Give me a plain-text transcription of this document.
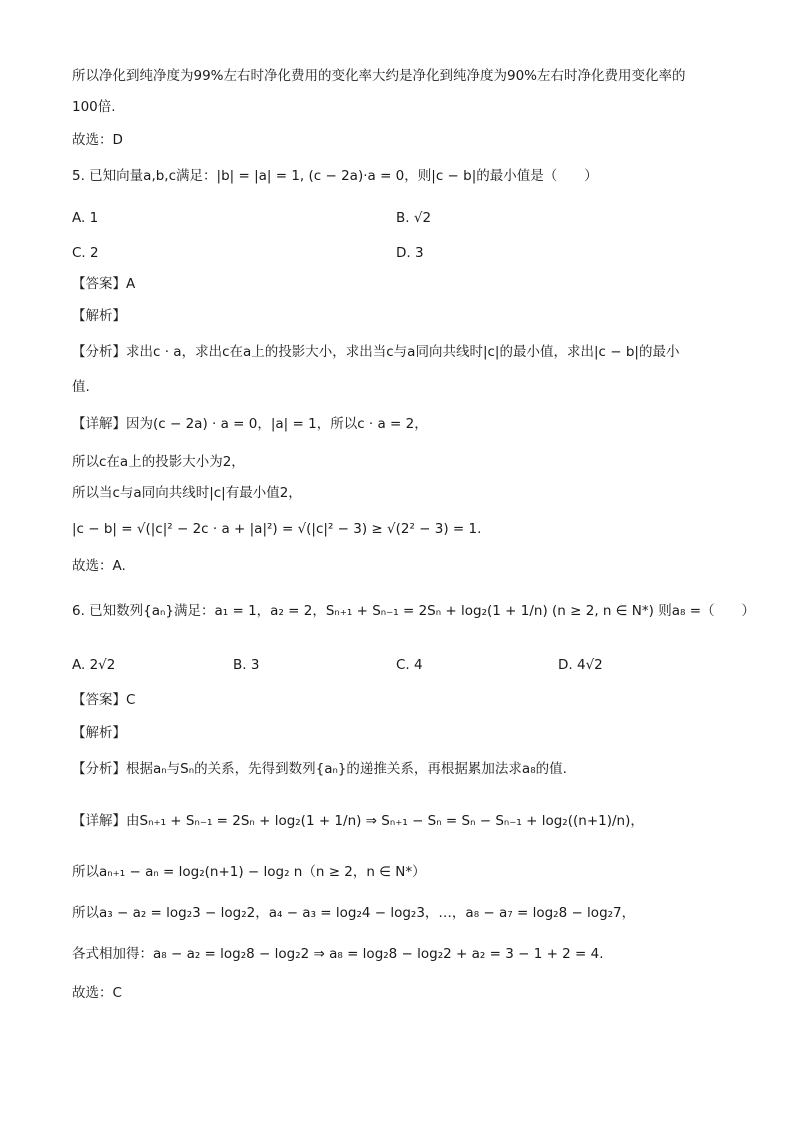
所以净化到纯净度为99%左右时净化费用的变化率大约是净化到纯净度为90%左右时净化费用变化率的
100倍.
故选：D
5. 已知向量a,b,c满足：|b| = |a| = 1, (c − 2a)·a = 0，则|c − b|的最小值是（　　）
A. 1	B. √2
C. 2	D. 3
【答案】A
【解析】
【分析】求出c · a，求出c在a上的投影大小，求出当c与a同向共线时|c|的最小值，求出|c − b|的最小
值.
【详解】因为(c − 2a) · a = 0，|a| = 1，所以c · a = 2，
所以c在a上的投影大小为2，
所以当c与a同向共线时|c|有最小值2，
|c − b| = √(|c|² − 2c · a + |a|²) = √(|c|² − 3) ≥ √(2² − 3) = 1.
故选：A.
6. 已知数列{aₙ}满足：a₁ = 1，a₂ = 2，Sₙ₊₁ + Sₙ₋₁ = 2Sₙ + log₂(1 + 1/n) (n ≥ 2, n ∈ N*) 则a₈ =（　　）
A. 2√2	B. 3	C. 4	D. 4√2
【答案】C
【解析】
【分析】根据aₙ与Sₙ的关系，先得到数列{aₙ}的递推关系，再根据累加法求a₈的值.
【详解】由Sₙ₊₁ + Sₙ₋₁ = 2Sₙ + log₂(1 + 1/n) ⇒ Sₙ₊₁ − Sₙ = Sₙ − Sₙ₋₁ + log₂((n+1)/n)，
所以aₙ₊₁ − aₙ = log₂(n+1) − log₂ n（n ≥ 2，n ∈ N*）
所以a₃ − a₂ = log₂3 − log₂2，a₄ − a₃ = log₂4 − log₂3，…，a₈ − a₇ = log₂8 − log₂7，
各式相加得：a₈ − a₂ = log₂8 − log₂2 ⇒ a₈ = log₂8 − log₂2 + a₂ = 3 − 1 + 2 = 4.
故选：C
